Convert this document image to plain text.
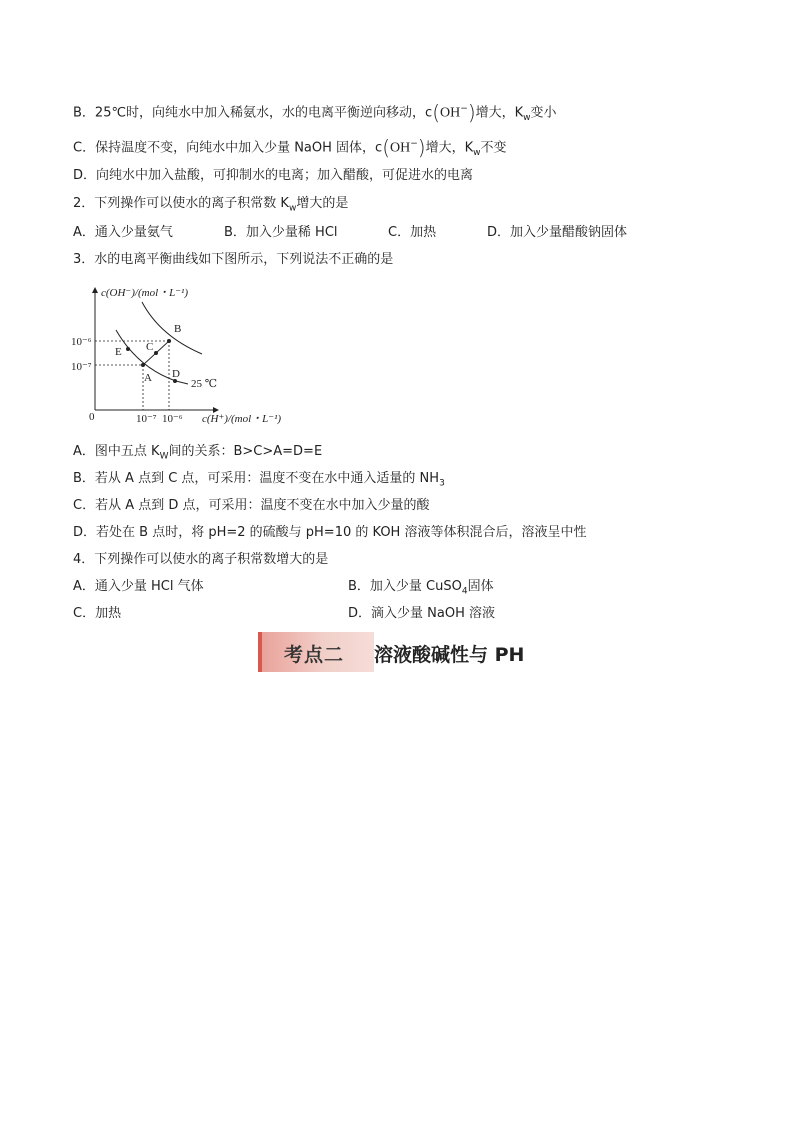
B．25℃时，向纯水中加入稀氨水，水的电离平衡逆向移动，c(OH−)增大，$K_w$变小
C．保持温度不变，向纯水中加入少量 NaOH 固体，c(OH−)增大，$K_w$不变
D．向纯水中加入盐酸，可抑制水的电离；加入醋酸，可促进水的电离
2．下列操作可以使水的离子积常数 $K_w$增大的是
A．通入少量氨气	B．加入少量稀 HCl	C．加热	D．加入少量醋酸钠固体
3．水的电离平衡曲线如下图所示，下列说法不正确的是
c(OH⁻)/(mol・L⁻¹)
c(H⁺)/(mol・L⁻¹)
0
10⁻⁶
10⁻⁷
10⁻⁷ 10⁻⁶
A
B
C
D
E
25 ℃
A．图中五点 $K_W$间的关系：B>C>A=D=E
B．若从 A 点到 C 点，可采用：温度不变在水中通入适量的 $NH_3$
C．若从 A 点到 D 点，可采用：温度不变在水中加入少量的酸
D．若处在 B 点时，将 pH=2 的硫酸与 pH=10 的 KOH 溶液等体积混合后，溶液呈中性
4．下列操作可以使水的离子积常数增大的是
A．通入少量 HCl 气体	B．加入少量 CuSO$_4$固体
C．加热	D．滴入少量 NaOH 溶液
考点二 溶液酸碱性与 PH
